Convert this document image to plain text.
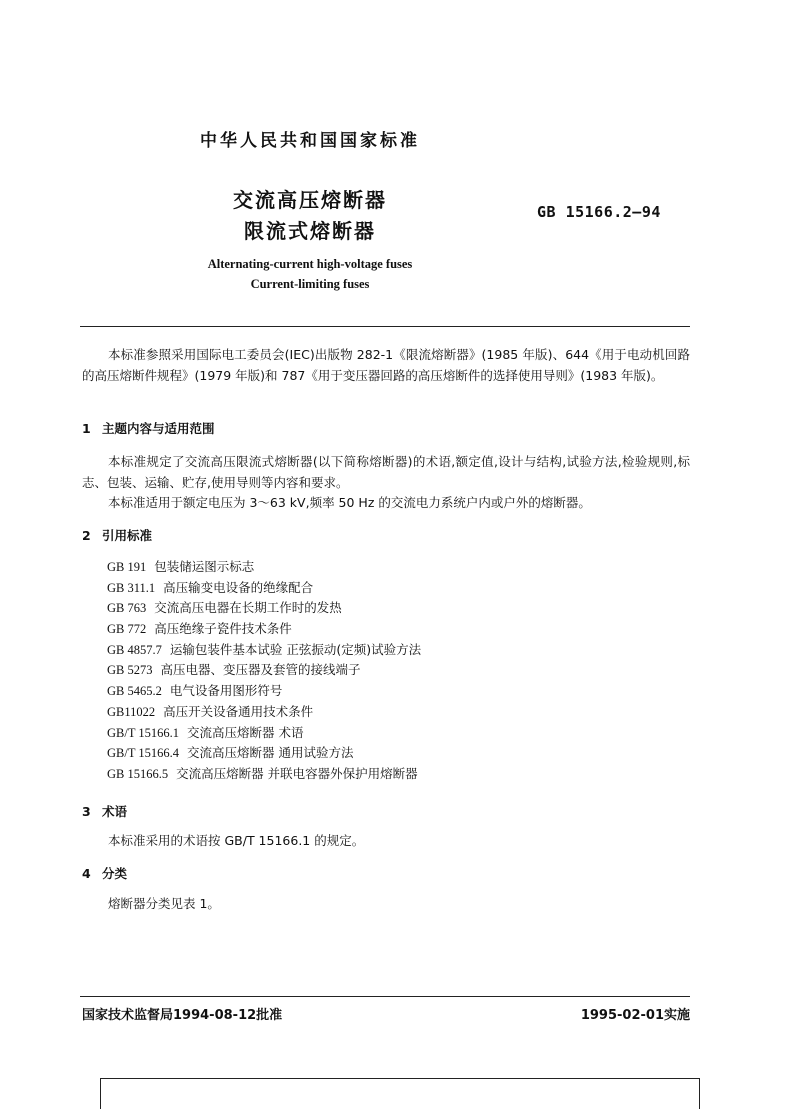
中华人民共和国国家标准
交流高压熔断器
限流式熔断器
GB 15166.2—94
Alternating-current high-voltage fuses
Current-limiting fuses
本标准参照采用国际电工委员会(IEC)出版物 282-1《限流熔断器》(1985 年版)、644《用于电动机回路的高压熔断件规程》(1979 年版)和 787《用于变压器回路的高压熔断件的选择使用导则》(1983 年版)。
1 主题内容与适用范围
本标准规定了交流高压限流式熔断器(以下简称熔断器)的术语,额定值,设计与结构,试验方法,检验规则,标志、包装、运输、贮存,使用导则等内容和要求。
本标准适用于额定电压为 3～63 kV,频率 50 Hz 的交流电力系统户内或户外的熔断器。
2 引用标准
GB 191 包装储运图示标志
GB 311.1 高压输变电设备的绝缘配合
GB 763 交流高压电器在长期工作时的发热
GB 772 高压绝缘子瓷件技术条件
GB 4857.7 运输包装件基本试验 正弦振动(定频)试验方法
GB 5273 高压电器、变压器及套管的接线端子
GB 5465.2 电气设备用图形符号
GB11022 高压开关设备通用技术条件
GB/T 15166.1 交流高压熔断器 术语
GB/T 15166.4 交流高压熔断器 通用试验方法
GB 15166.5 交流高压熔断器 并联电容器外保护用熔断器
3 术语
本标准采用的术语按 GB/T 15166.1 的规定。
4 分类
熔断器分类见表 1。
国家技术监督局1994-08-12批准	1995-02-01实施
